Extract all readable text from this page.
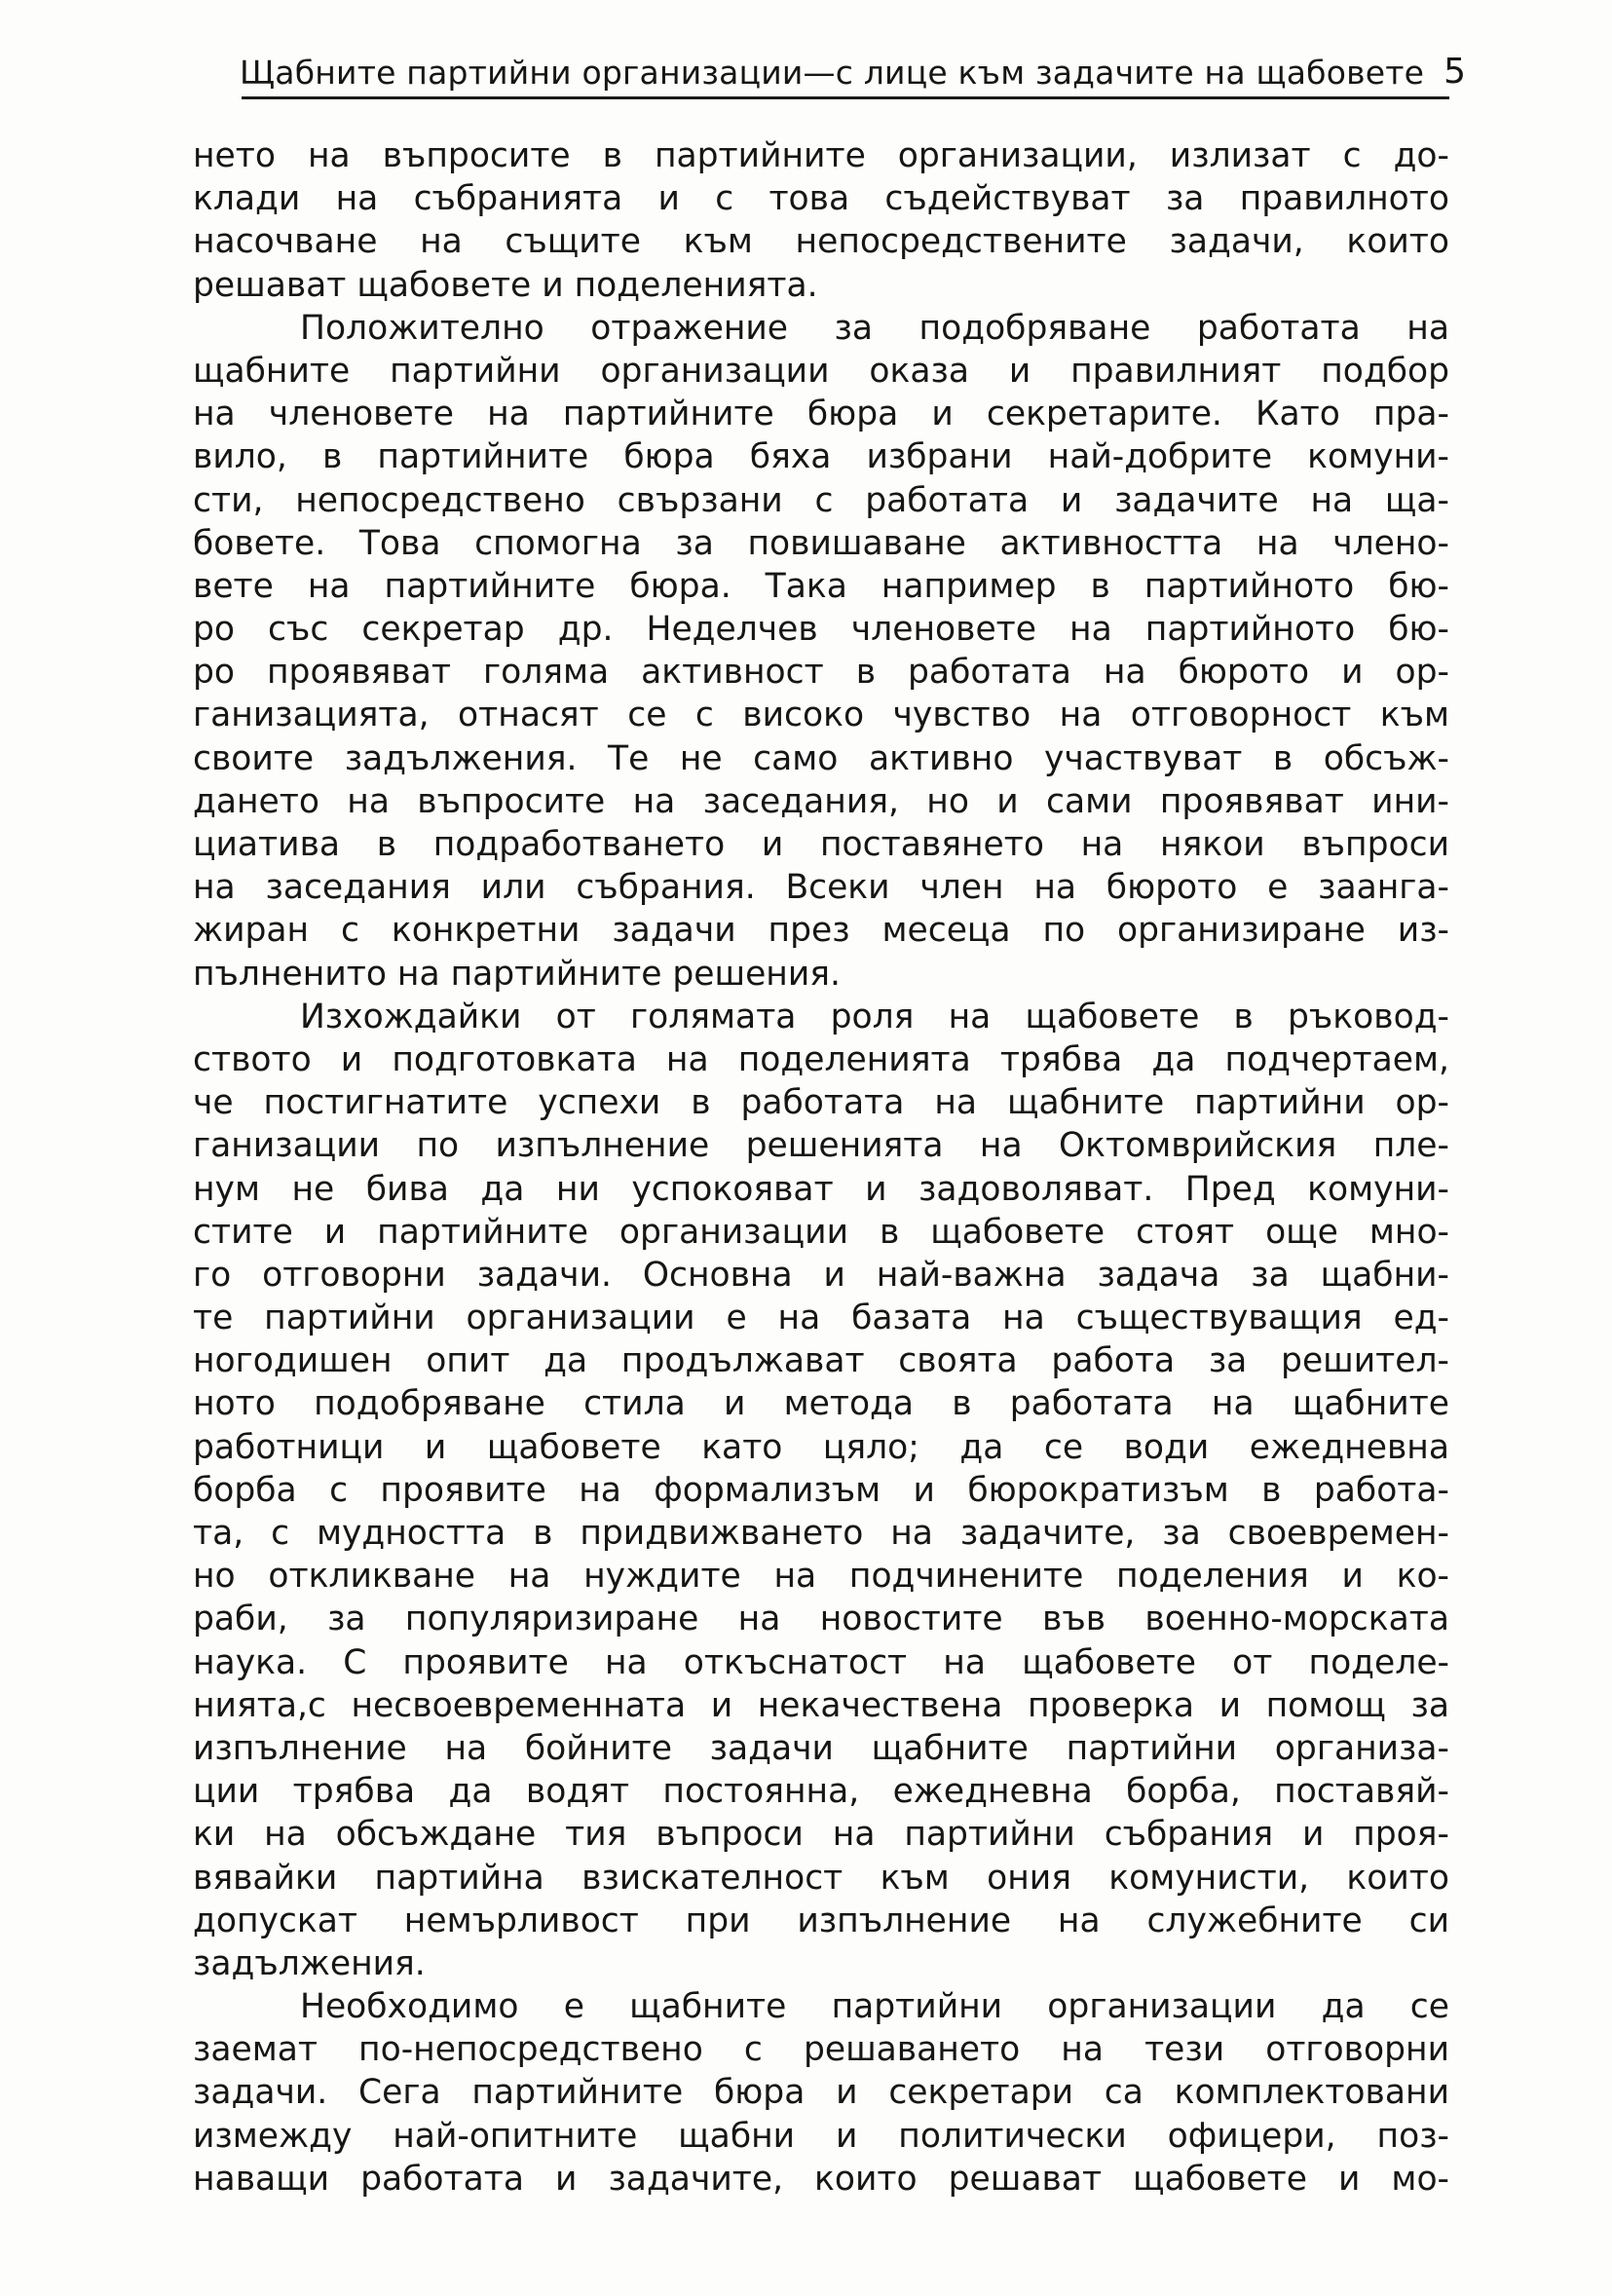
Щабните партийни организации—с лице към задачите на щабовете 5
нето на въпросите в партийните организации, излизат с до-
клади на събранията и с това съдействуват за правилното
насочване на същите към непосредствените задачи, които
решават щабовете и поделенията.
Положително отражение за подобряване работата на
щабните партийни организации оказа и правилният подбор
на членовете на партийните бюра и секретарите. Като пра-
вило, в партийните бюра бяха избрани най-добрите комуни-
сти, непосредствено свързани с работата и задачите на ща-
бовете. Това спомогна за повишаване активността на члено-
вете на партийните бюра. Така например в партийното бю-
ро със секретар др. Неделчев членовете на партийното бю-
ро проявяват голяма активност в работата на бюрото и ор-
ганизацията, отнасят се с високо чувство на отговорност към
своите задължения. Те не само активно участвуват в обсъж-
дането на въпросите на заседания, но и сами проявяват ини-
циатива в подработването и поставянето на някои въпроси
на заседания или събрания. Всеки член на бюрото е заанга-
жиран с конкретни задачи през месеца по организиране из-
пълненито на партийните решения.
Изхождайки от голямата роля на щабовете в ръковод-
ството и подготовката на поделенията трябва да подчертаем,
че постигнатите успехи в работата на щабните партийни ор-
ганизации по изпълнение решенията на Октомврийския пле-
нум не бива да ни успокояват и задоволяват. Пред комуни-
стите и партийните организации в щабовете стоят още мно-
го отговорни задачи. Основна и най-важна задача за щабни-
те партийни организации е на базата на съществуващия ед-
ногодишен опит да продължават своята работа за решител-
ното подобряване стила и метода в работата на щабните
работници и щабовете като цяло; да се води ежедневна
борба с проявите на формализъм и бюрократизъм в работа-
та, с мудността в придвижването на задачите, за своевремен-
но откликване на нуждите на подчинените поделения и ко-
раби, за популяризиране на новостите във военно-морската
наука. С проявите на откъснатост на щабовете от поделе-
нията,с несвоевременната и некачествена проверка и помощ за
изпълнение на бойните задачи щабните партийни организа-
ции трябва да водят постоянна, ежедневна борба, поставяй-
ки на обсъждане тия въпроси на партийни събрания и проя-
вявайки партийна взискателност към ония комунисти, които
допускат немърливост при изпълнение на служебните си
задължения.
Необходимо е щабните партийни организации да се
заемат по-непосредствено с решаването на тези отговорни
задачи. Сега партийните бюра и секретари са комплектовани
измежду най-опитните щабни и политически офицери, поз-
наващи работата и задачите, които решават щабовете и мо-
